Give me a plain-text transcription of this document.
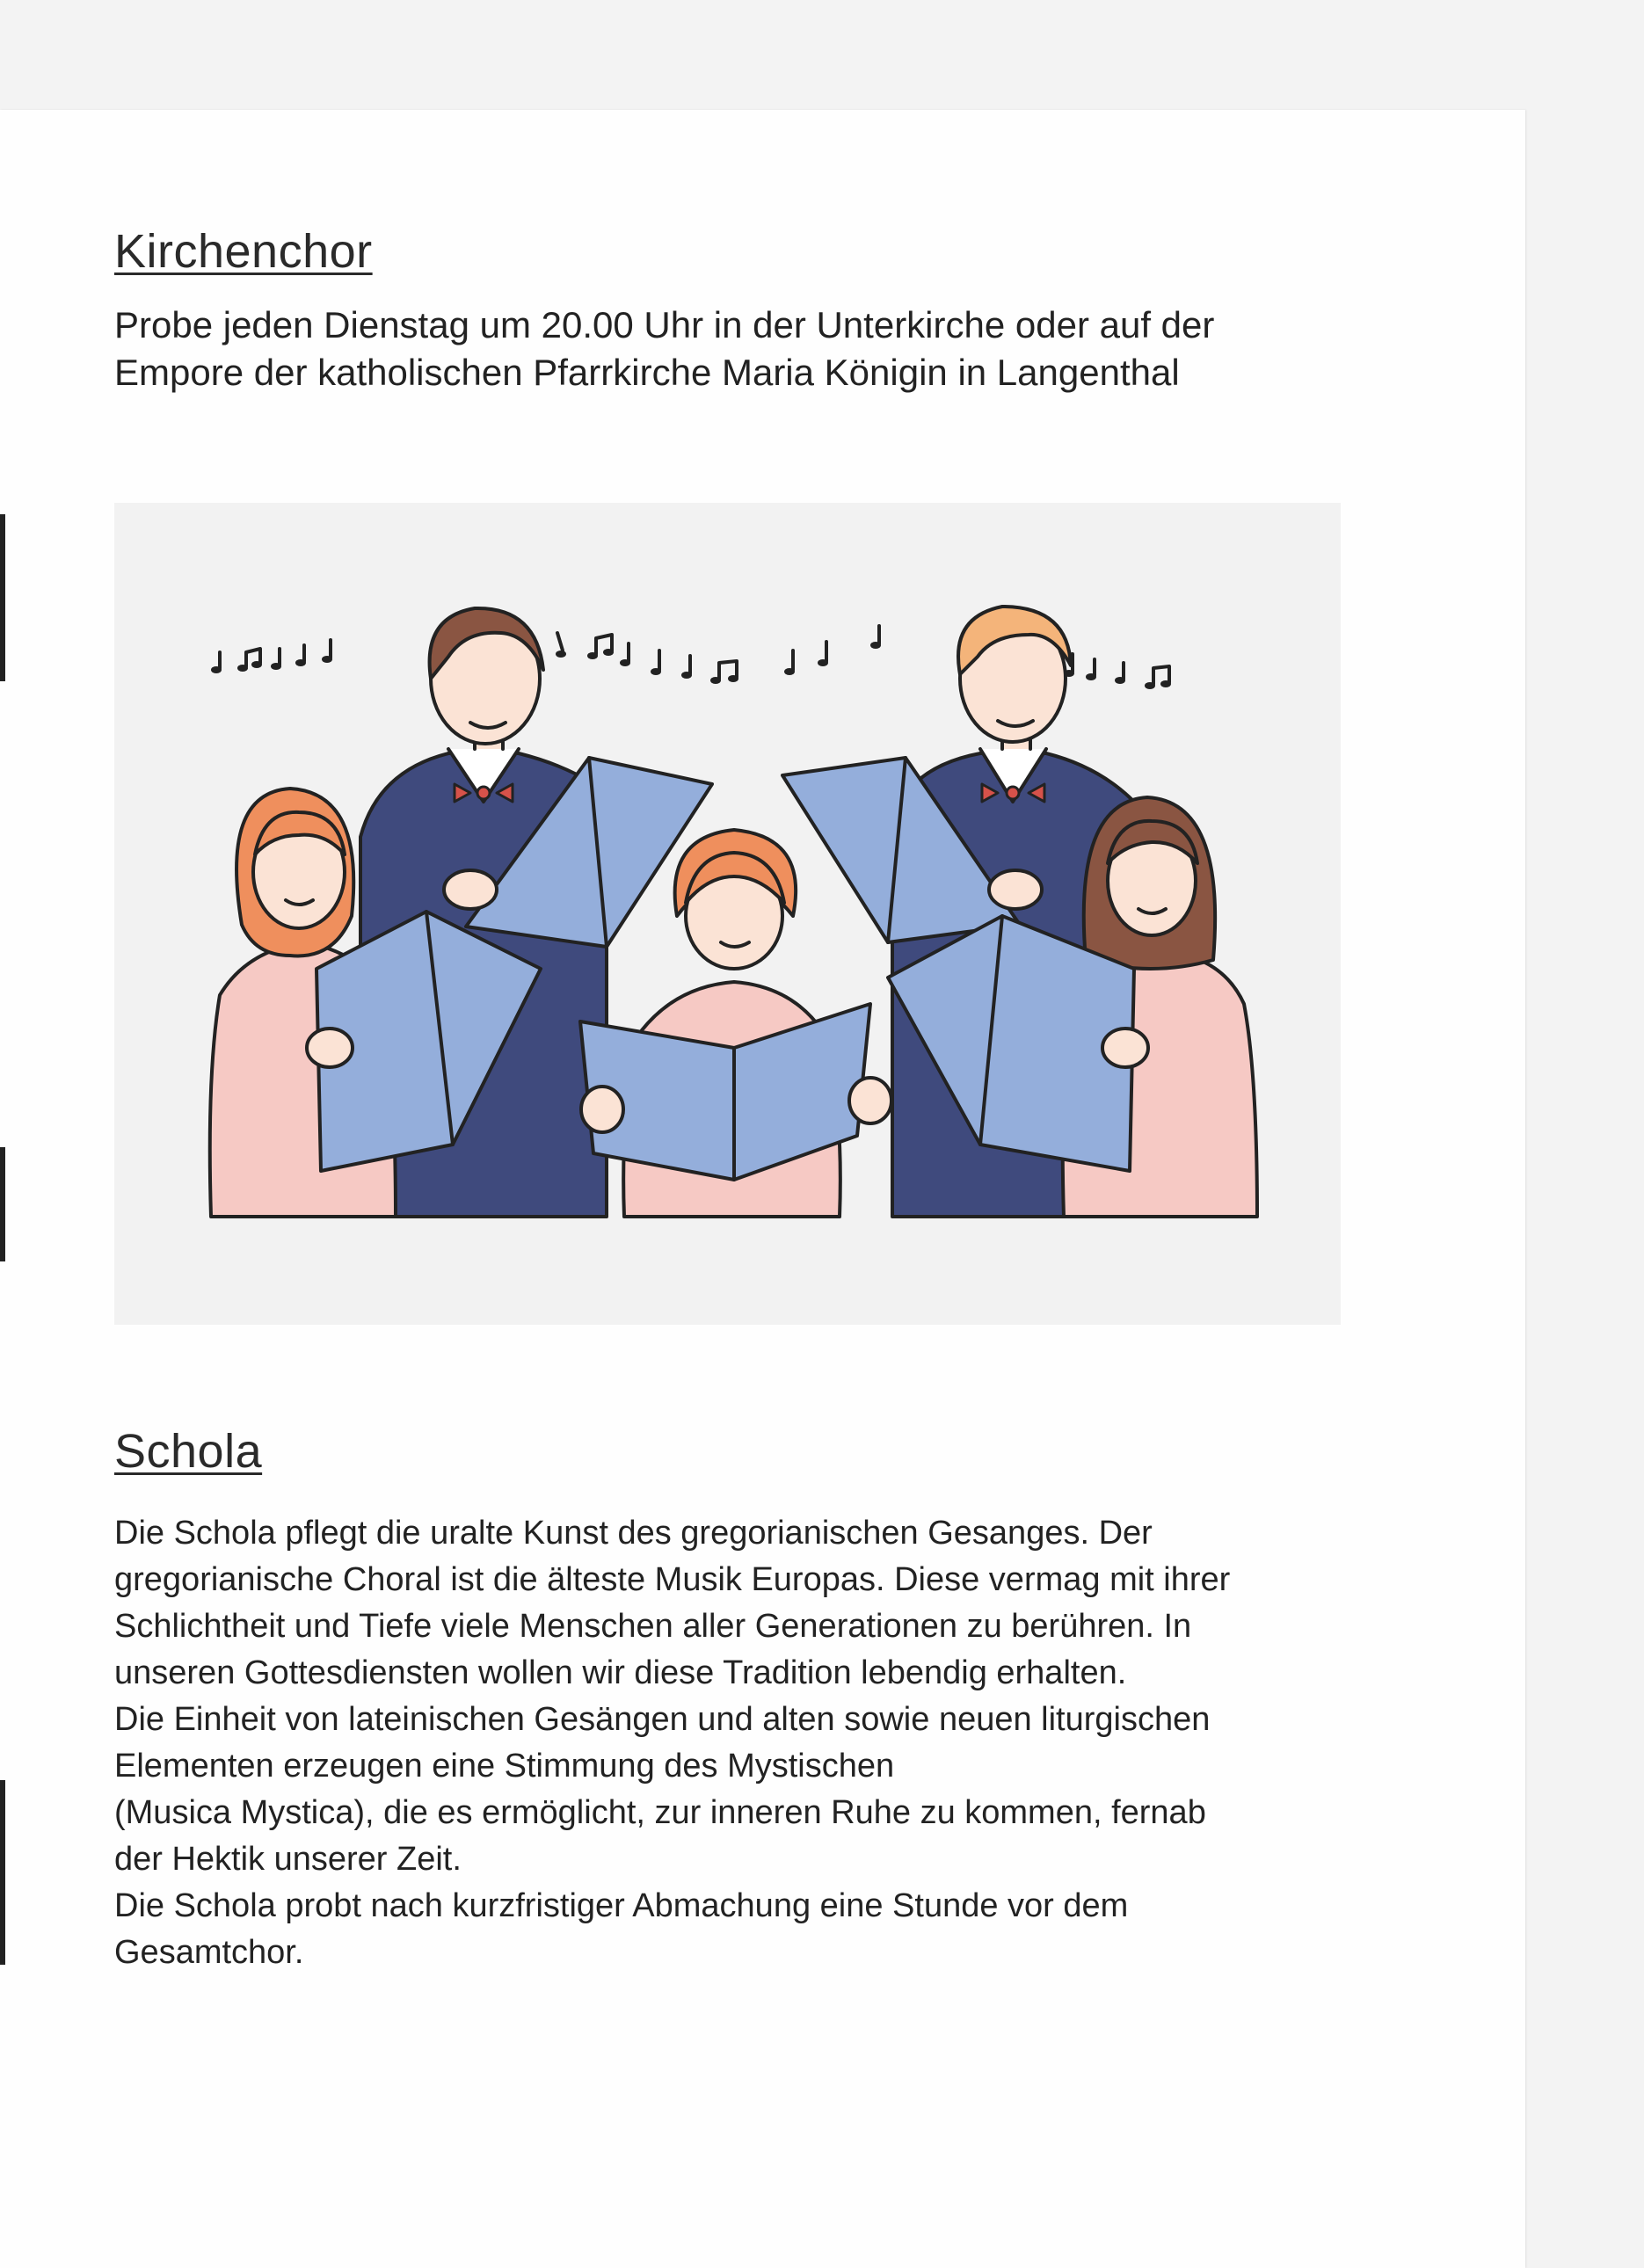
Kirchenchor

Probe jeden Dienstag um 20.00 Uhr in der Unterkirche oder auf der
Empore der katholischen Pfarrkirche Maria Königin in Langenthal

Schola

Die Schola pflegt die uralte Kunst des gregorianischen Gesanges. Der
gregorianische Choral ist die älteste Musik Europas. Diese vermag mit ihrer
Schlichtheit und Tiefe viele Menschen aller Generationen zu berühren. In
unseren Gottesdiensten wollen wir diese Tradition lebendig erhalten.
Die Einheit von lateinischen Gesängen und alten sowie neuen liturgischen
Elementen erzeugen eine Stimmung des Mystischen
(Musica Mystica), die es ermöglicht, zur inneren Ruhe zu kommen, fernab
der Hektik unserer Zeit.
Die Schola probt nach kurzfristiger Abmachung eine Stunde vor dem
Gesamtchor.
